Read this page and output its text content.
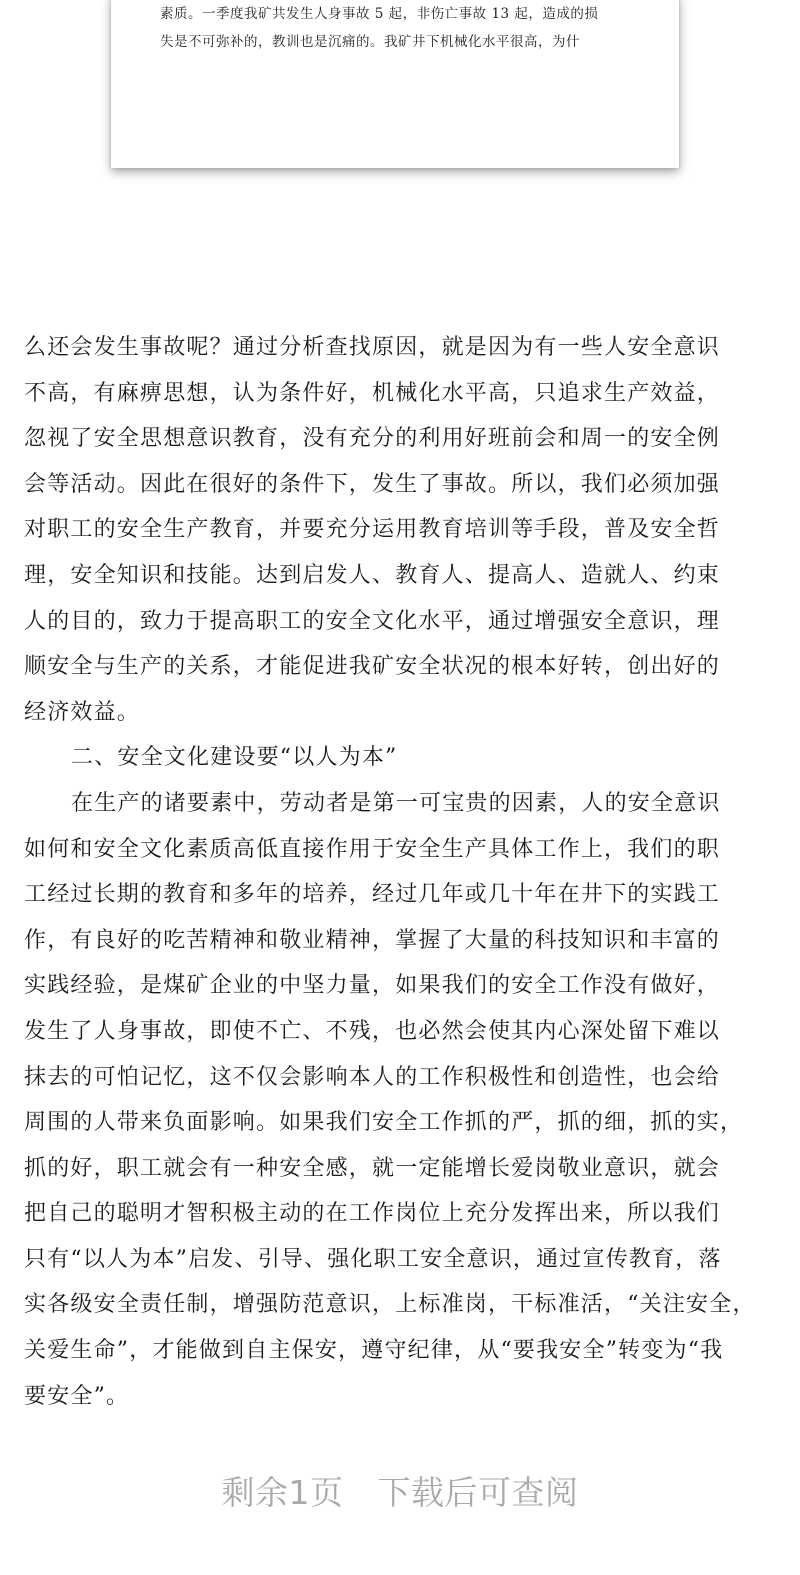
素质。一季度我矿共发生人身事故 5 起，非伤亡事故 13 起，造成的损
失是不可弥补的，教训也是沉痛的。我矿井下机械化水平很高，为什
么还会发生事故呢？通过分析查找原因，就是因为有一些人安全意识
不高，有麻痹思想，认为条件好，机械化水平高，只追求生产效益，
忽视了安全思想意识教育，没有充分的利用好班前会和周一的安全例
会等活动。因此在很好的条件下，发生了事故。所以，我们必须加强
对职工的安全生产教育，并要充分运用教育培训等手段，普及安全哲
理，安全知识和技能。达到启发人、教育人、提高人、造就人、约束
人的目的，致力于提高职工的安全文化水平，通过增强安全意识，理
顺安全与生产的关系，才能促进我矿安全状况的根本好转，创出好的
经济效益。
二、安全文化建设要“以人为本”
在生产的诸要素中，劳动者是第一可宝贵的因素，人的安全意识
如何和安全文化素质高低直接作用于安全生产具体工作上，我们的职
工经过长期的教育和多年的培养，经过几年或几十年在井下的实践工
作，有良好的吃苦精神和敬业精神，掌握了大量的科技知识和丰富的
实践经验，是煤矿企业的中坚力量，如果我们的安全工作没有做好，
发生了人身事故，即使不亡、不残，也必然会使其内心深处留下难以
抹去的可怕记忆，这不仅会影响本人的工作积极性和创造性，也会给
周围的人带来负面影响。如果我们安全工作抓的严，抓的细，抓的实，
抓的好，职工就会有一种安全感，就一定能增长爱岗敬业意识，就会
把自己的聪明才智积极主动的在工作岗位上充分发挥出来，所以我们
只有“以人为本”启发、引导、强化职工安全意识，通过宣传教育，落
实各级安全责任制，增强防范意识，上标准岗，干标准活，“关注安全，
关爱生命”，才能做到自主保安，遵守纪律，从“要我安全”转变为“我
要安全”。
剩余1页 下载后可查阅
